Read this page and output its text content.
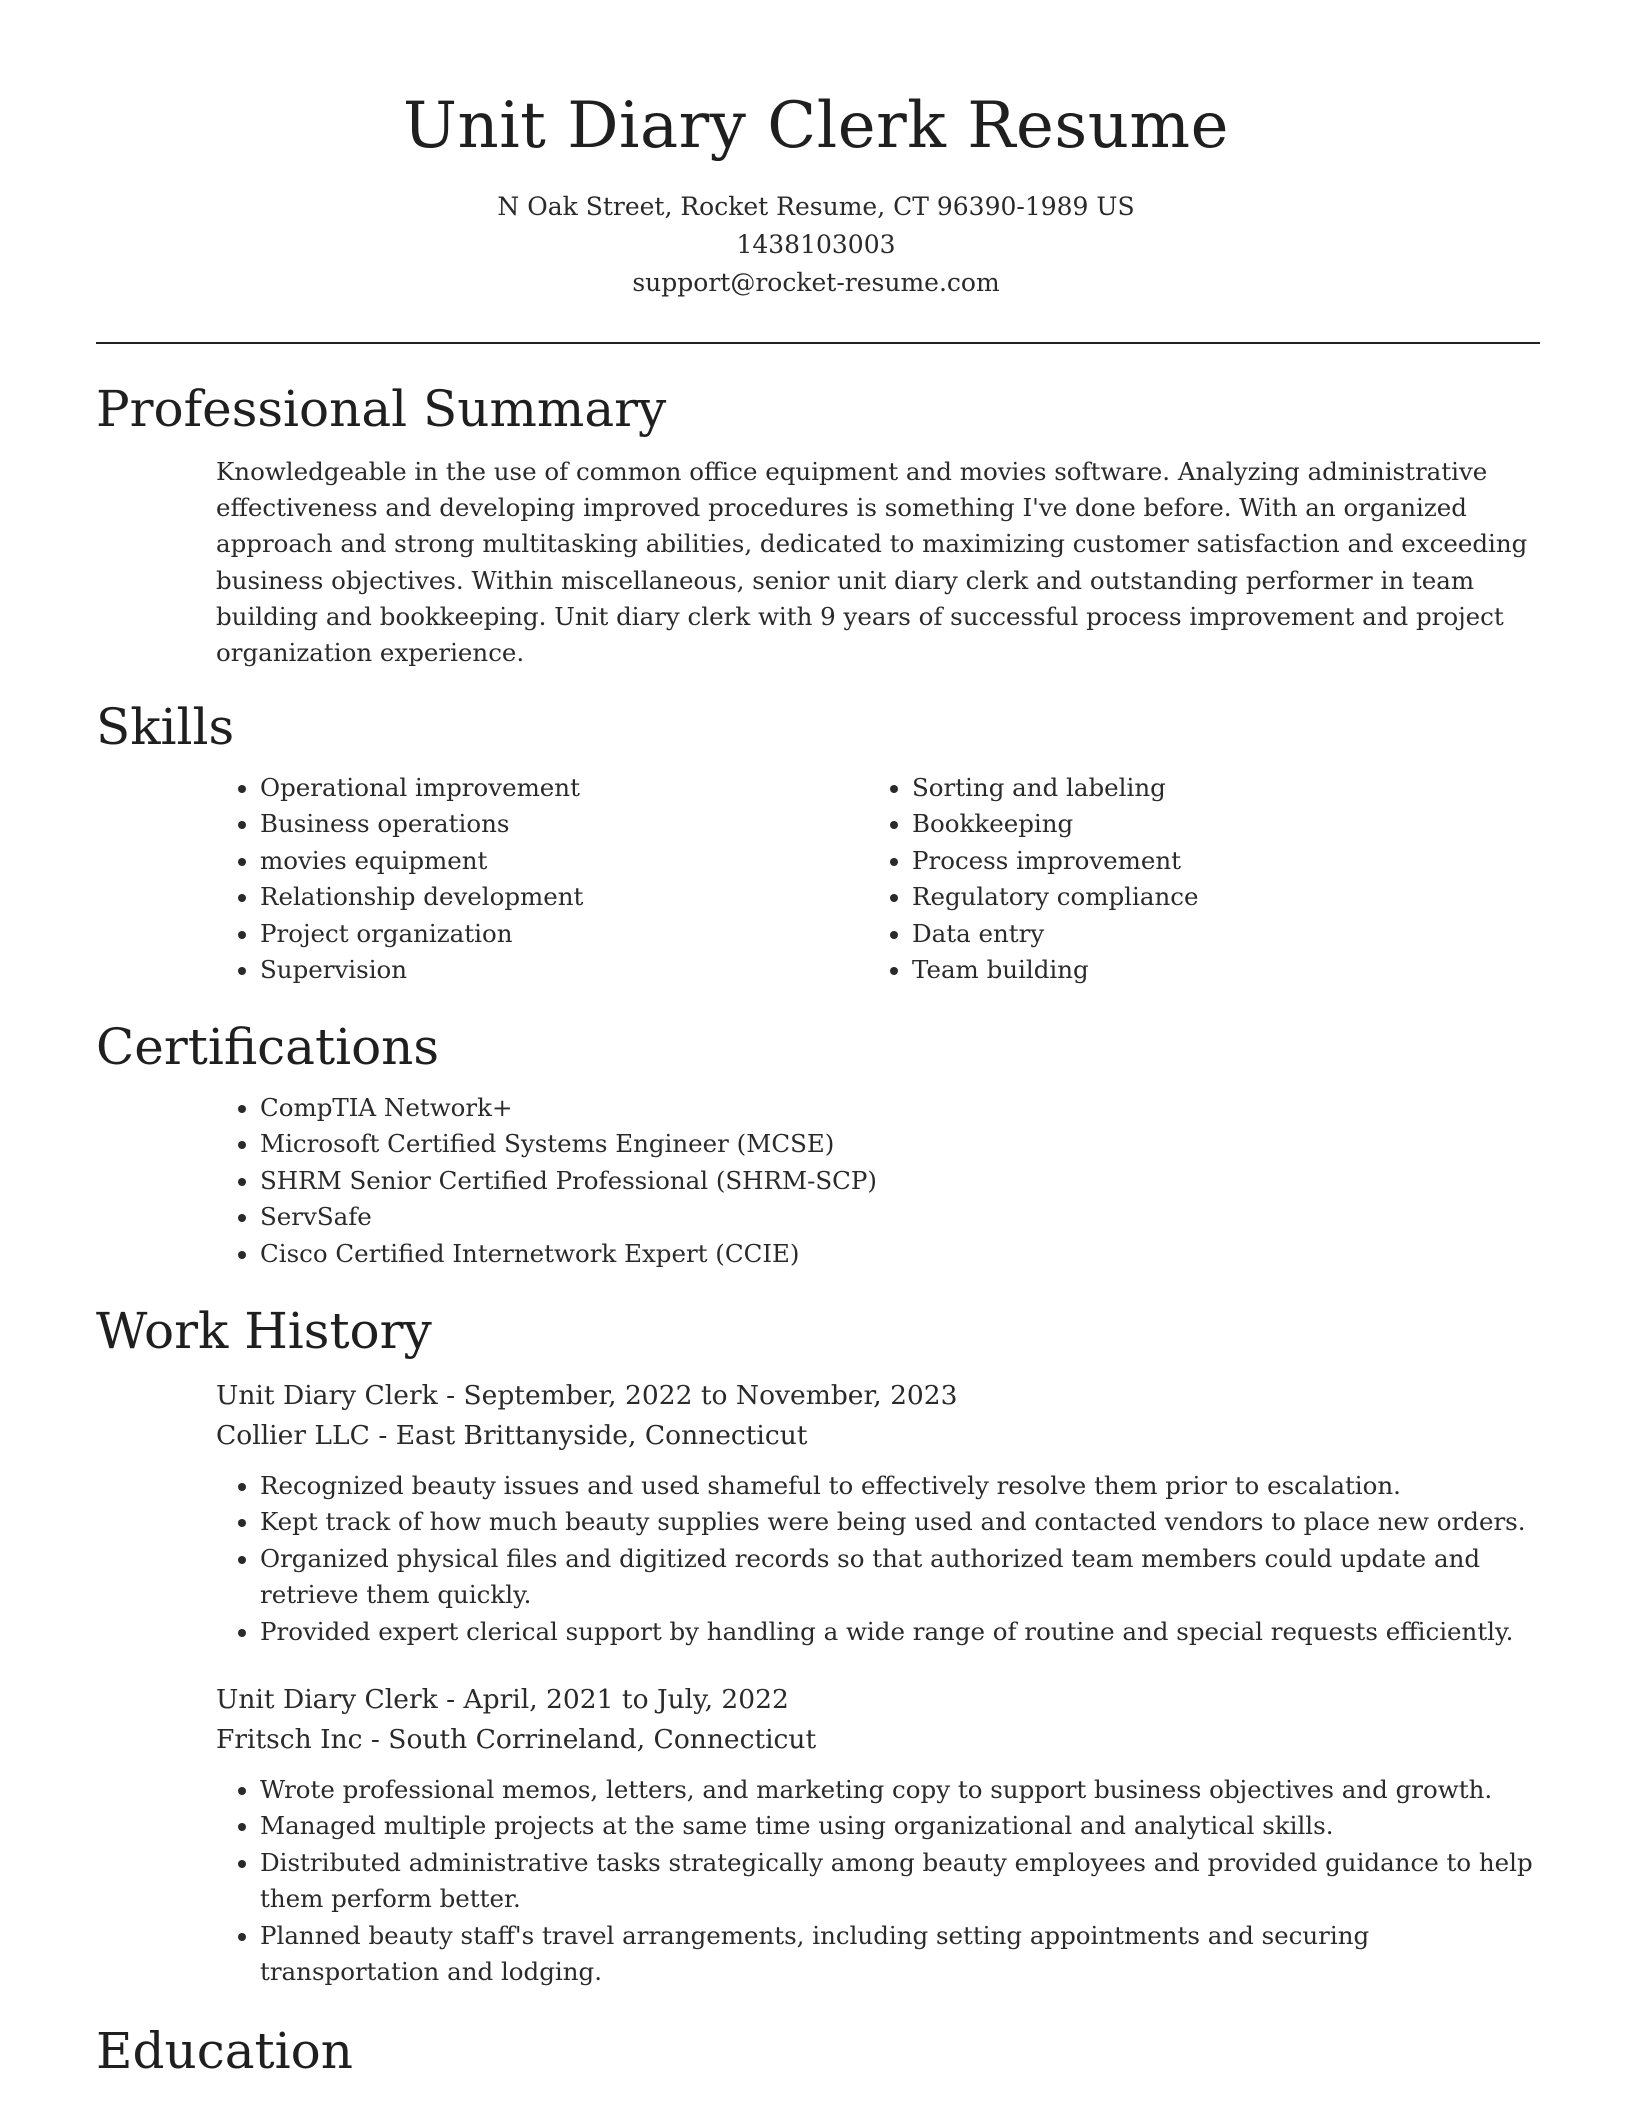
Unit Diary Clerk Resume
N Oak Street, Rocket Resume, CT 96390-1989 US
1438103003
support@rocket-resume.com
Professional Summary
Knowledgeable in the use of common office equipment and movies software. Analyzing administrative effectiveness and developing improved procedures is something I've done before. With an organized approach and strong multitasking abilities, dedicated to maximizing customer satisfaction and exceeding business objectives. Within miscellaneous, senior unit diary clerk and outstanding performer in team building and bookkeeping. Unit diary clerk with 9 years of successful process improvement and project organization experience.
Skills
• Operational improvement
• Business operations
• movies equipment
• Relationship development
• Project organization
• Supervision
• Sorting and labeling
• Bookkeeping
• Process improvement
• Regulatory compliance
• Data entry
• Team building
Certifications
• CompTIA Network+
• Microsoft Certified Systems Engineer (MCSE)
• SHRM Senior Certified Professional (SHRM-SCP)
• ServSafe
• Cisco Certified Internetwork Expert (CCIE)
Work History
Unit Diary Clerk - September, 2022 to November, 2023
Collier LLC - East Brittanyside, Connecticut
• Recognized beauty issues and used shameful to effectively resolve them prior to escalation.
• Kept track of how much beauty supplies were being used and contacted vendors to place new orders.
• Organized physical files and digitized records so that authorized team members could update and retrieve them quickly.
• Provided expert clerical support by handling a wide range of routine and special requests efficiently.
Unit Diary Clerk - April, 2021 to July, 2022
Fritsch Inc - South Corrineland, Connecticut
• Wrote professional memos, letters, and marketing copy to support business objectives and growth.
• Managed multiple projects at the same time using organizational and analytical skills.
• Distributed administrative tasks strategically among beauty employees and provided guidance to help them perform better.
• Planned beauty staff's travel arrangements, including setting appointments and securing transportation and lodging.
Education
